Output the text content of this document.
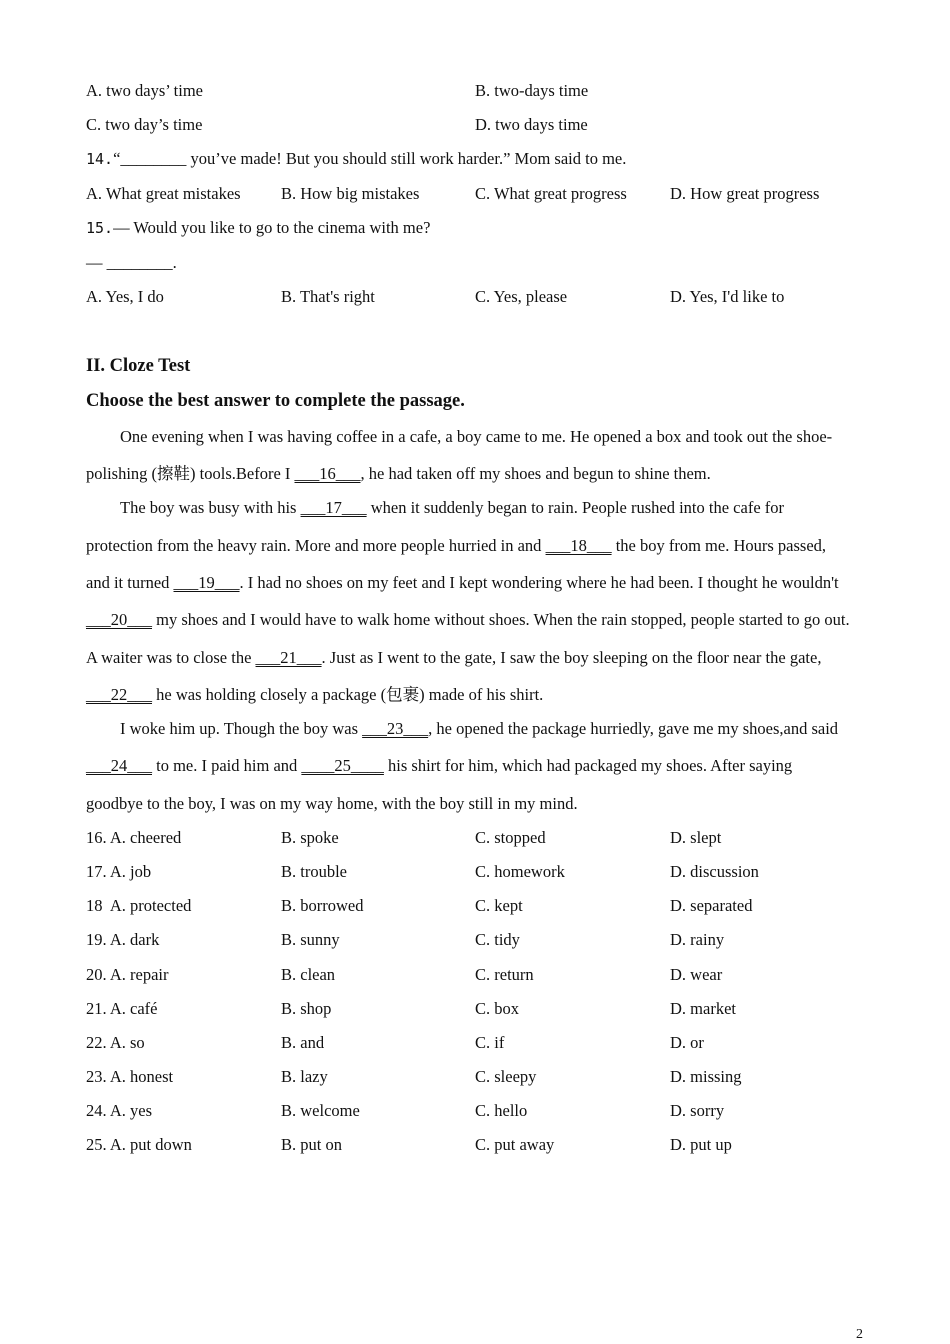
A. two days’ time	B. two-days time
C. two day’s time	D. two days time
14.“________ you’ve made! But you should still work harder.” Mom said to me.
A. What great mistakes B. How big mistakes	C. What great progress	D. How great progress
15.— Would you like to go to the cinema with me?
— ________.
A. Yes, I do	B. That's right	C. Yes, please	D. Yes, I'd like to
II. Cloze Test
Choose the best answer to complete the passage.
One evening when I was having coffee in a cafe, a boy came to me. He opened a box and took out the shoe-
polishing (擦鞋) tools.Before I ___16___, he had taken off my shoes and begun to shine them.
The boy was busy with his ___17___ when it suddenly began to rain. People rushed into the cafe for
protection from the heavy rain. More and more people hurried in and ___18___ the boy from me. Hours passed,
and it turned ___19___. I had no shoes on my feet and I kept wondering where he had been. I thought he wouldn't
___20___ my shoes and I would have to walk home without shoes. When the rain stopped, people started to go out.
A waiter was to close the ___21___. Just as I went to the gate, I saw the boy sleeping on the floor near the gate,
___22___ he was holding closely a package (包裹) made of his shirt.
I woke him up. Though the boy was ___23___, he opened the package hurriedly, gave me my shoes,and said
___24___ to me. I paid him and ____25____ his shirt for him, which had packaged my shoes. After saying
goodbye to the boy, I was on my way home, with the boy still in my mind.
16. A. cheered	B. spoke	C. stopped	D. slept
17. A. job	B. trouble	C. homework	D. discussion
18  A. protected	B. borrowed	C. kept	D. separated
19. A. dark	B. sunny	C. tidy	D. rainy
20. A. repair	B. clean	C. return	D. wear
21. A. café	B. shop	C. box	D. market
22. A. so	B. and	C. if	D. or
23. A. honest	B. lazy	C. sleepy	D. missing
24. A. yes	B. welcome	C. hello	D. sorry
25. A. put down	B. put on	C. put away	D. put up
2
